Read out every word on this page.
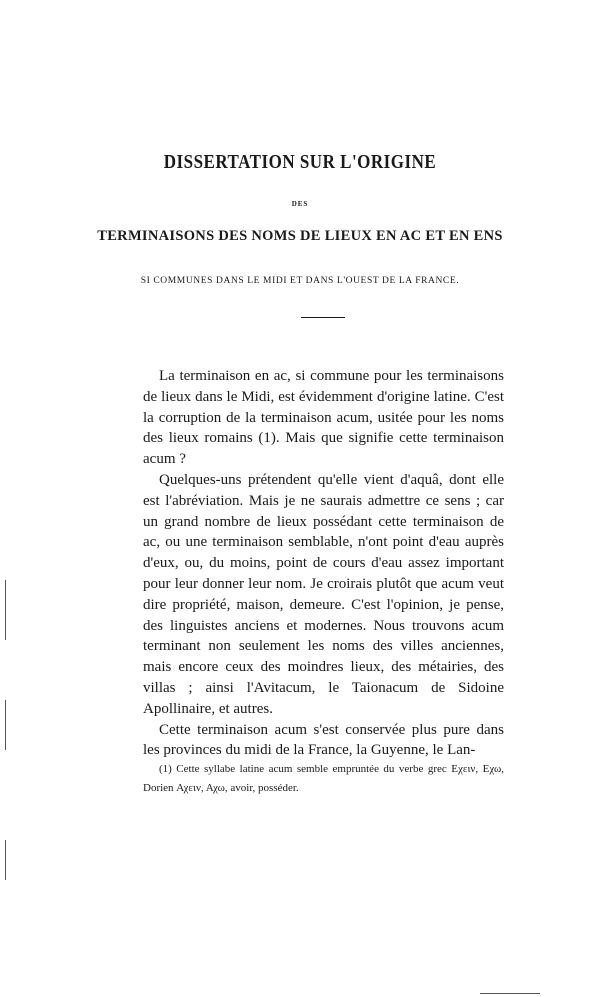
DISSERTATION SUR L'ORIGINE
DES
TERMINAISONS DES NOMS DE LIEUX EN AC ET EN ENS
SI COMMUNES DANS LE MIDI ET DANS L'OUEST DE LA FRANCE.

La terminaison en ac, si commune pour les terminaisons de lieux dans le Midi, est évidemment d'origine latine. C'est la corruption de la terminaison acum, usitée pour les noms des lieux romains (1). Mais que signifie cette terminaison acum ?

Quelques-uns prétendent qu'elle vient d'aquâ, dont elle est l'abréviation. Mais je ne saurais admettre ce sens ; car un grand nombre de lieux possédant cette terminaison de ac, ou une terminaison semblable, n'ont point d'eau auprès d'eux, ou, du moins, point de cours d'eau assez important pour leur donner leur nom. Je croirais plutôt que acum veut dire propriété, maison, demeure. C'est l'opinion, je pense, des linguistes anciens et modernes. Nous trouvons acum terminant non seulement les noms des villes anciennes, mais encore ceux des moindres lieux, des métairies, des villas ; ainsi l'Avitacum, le Taionacum de Sidoine Apollinaire, et autres.

Cette terminaison acum s'est conservée plus pure dans les provinces du midi de la France, la Guyenne, le Lan-

(1) Cette syllabe latine acum semble empruntée du verbe grec Εχειν, Εχω, Dorien Αχειν, Αχω, avoir, posséder.
